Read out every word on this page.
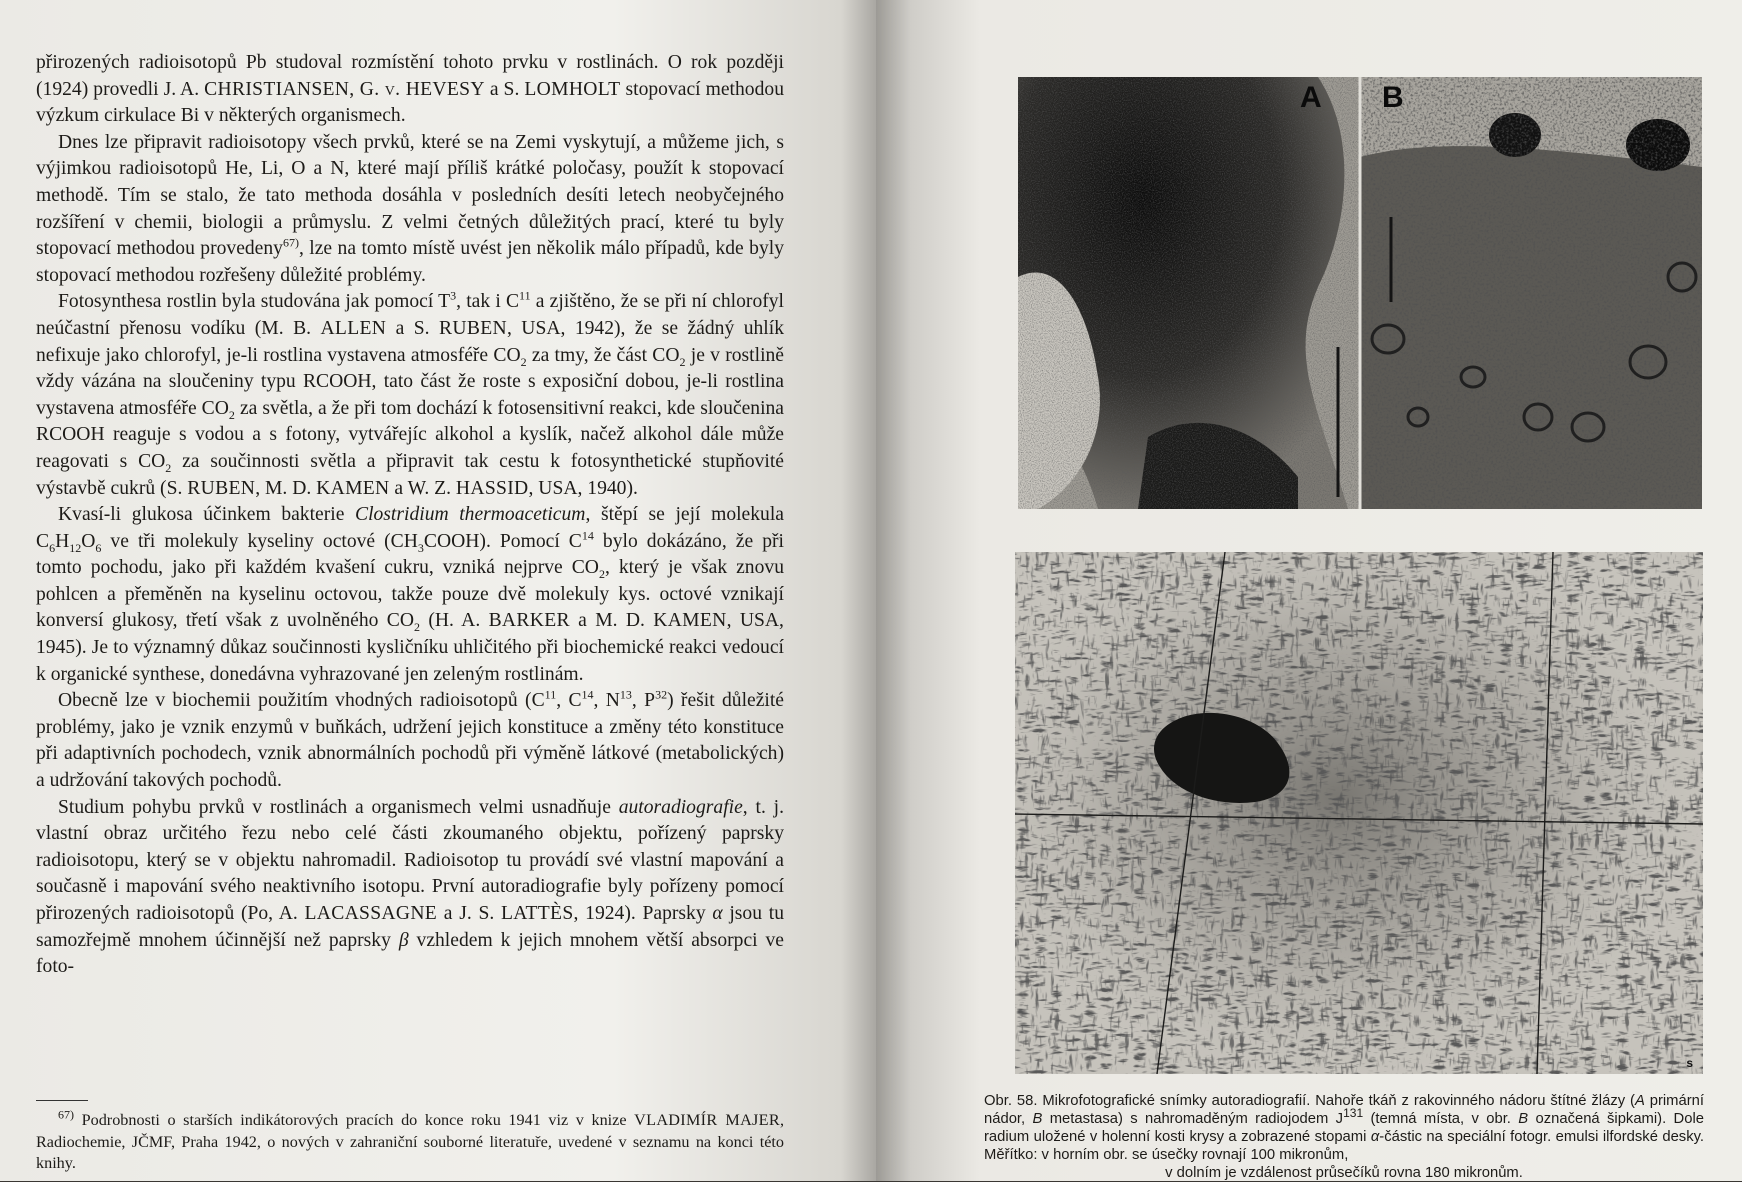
přirozených radioisotopů Pb studoval rozmístění tohoto prvku v rostlinách. O rok později (1924) provedli J. A. CHRISTIANSEN, G. v. HEVESY a S. LOMHOLT stopovací methodou výzkum cirkulace Bi v některých organismech.

Dnes lze připravit radioisotopy všech prvků, které se na Zemi vyskytují, a můžeme jich, s výjimkou radioisotopů He, Li, O a N, které mají příliš krátké poločasy, použít k stopovací methodě. Tím se stalo, že tato methoda dosáhla v posledních desíti letech neobyčejného rozšíření v chemii, biologii a průmyslu. Z velmi četných důležitých prací, které tu byly stopovací methodou provedeny$^{67)}$, lze na tomto místě uvést jen několik málo případů, kde byly stopovací methodou rozřešeny důležité problémy.

Fotosynthesa rostlin byla studována jak pomocí $T^3$, tak i $C^{11}$ a zjištěno, že se při ní chlorofyl neúčastní přenosu vodíku (M. B. ALLEN a S. RUBEN, USA, 1942), že se žádný uhlík nefixuje jako chlorofyl, je-li rostlina vystavena atmosféře $CO_2$ za tmy, že část $CO_2$ je v rostlině vždy vázána na sloučeniny typu RCOOH, tato část že roste s exposiční dobou, je-li rostlina vystavena atmosféře $CO_2$ za světla, a že při tom dochází k fotosensitivní reakci, kde sloučenina RCOOH reaguje s vodou a s fotony, vytvářejíc alkohol a kyslík, načež alkohol dále může reagovati s $CO_2$ za součinnosti světla a připravit tak cestu k fotosynthetické stupňovité výstavbě cukrů (S. RUBEN, M. D. KAMEN a W. Z. HASSID, USA, 1940).

Kvasí-li glukosa účinkem bakterie Clostridium thermoaceticum, štěpí se její molekula $C_6H_{12}O_6$ ve tři molekuly kyseliny octové $(CH_3COOH)$. Pomocí $C^{14}$ bylo dokázáno, že při tomto pochodu, jako při každém kvašení cukru, vzniká nejprve $CO_2$, který je však znovu pohlcen a přeměněn na kyselinu octovou, takže pouze dvě molekuly kys. octové vznikají konversí glukosy, třetí však z uvolněného $CO_2$ (H. A. BARKER a M. D. KAMEN, USA, 1945). Je to významný důkaz součinnosti kysličníku uhličitého při biochemické reakci vedoucí k organické synthese, donedávna vyhrazované jen zeleným rostlinám.

Obecně lze v biochemii použitím vhodných radioisotopů ($C^{11}$, $C^{14}$, $N^{13}$, $P^{32}$) řešit důležité problémy, jako je vznik enzymů v buňkách, udržení jejich konstituce a změny této konstituce při adaptivních pochodech, vznik abnormálních pochodů při výměně látkové (metabolických) a udržování takových pochodů.

Studium pohybu prvků v rostlinách a organismech velmi usnadňuje autoradiografie, t. j. vlastní obraz určitého řezu nebo celé části zkoumaného objektu, pořízený paprsky radioisotopu, který se v objektu nahromadil. Radioisotop tu provádí své vlastní mapování a současně i mapování svého neaktivního isotopu. První autoradiografie byly pořízeny pomocí přirozených radioisotopů (Po, A. LACASSAGNE a J. S. LATTÈS, 1924). Paprsky α jsou tu samozřejmě mnohem účinnější než paprsky β vzhledem k jejich mnohem větší absorpci ve foto-

$^{67)}$ Podrobnosti o starších indikátorových pracích do konce roku 1941 viz v knize VLADIMÍR MAJER, Radiochemie, JČMF, Praha 1942, o nových v zahraniční souborné literatuře, uvedené v seznamu na konci této knihy.

A B
s

Obr. 58. Mikrofotografické snímky autoradiografií. Nahoře tkáň z rakovinného nádoru štítné žlázy (A primární nádor, B metastasa) s nahromaděným radiojodem $J^{131}$ (temná místa, v obr. B označená šipkami). Dole radium uložené v holenní kosti krysy a zobrazené stopami α-částic na speciální fotogr. emulsi ilfordské desky. Měřítko: v horním obr. se úsečky rovnají 100 mikronům,

v dolním je vzdálenost průsečíků rovna 180 mikronům.
